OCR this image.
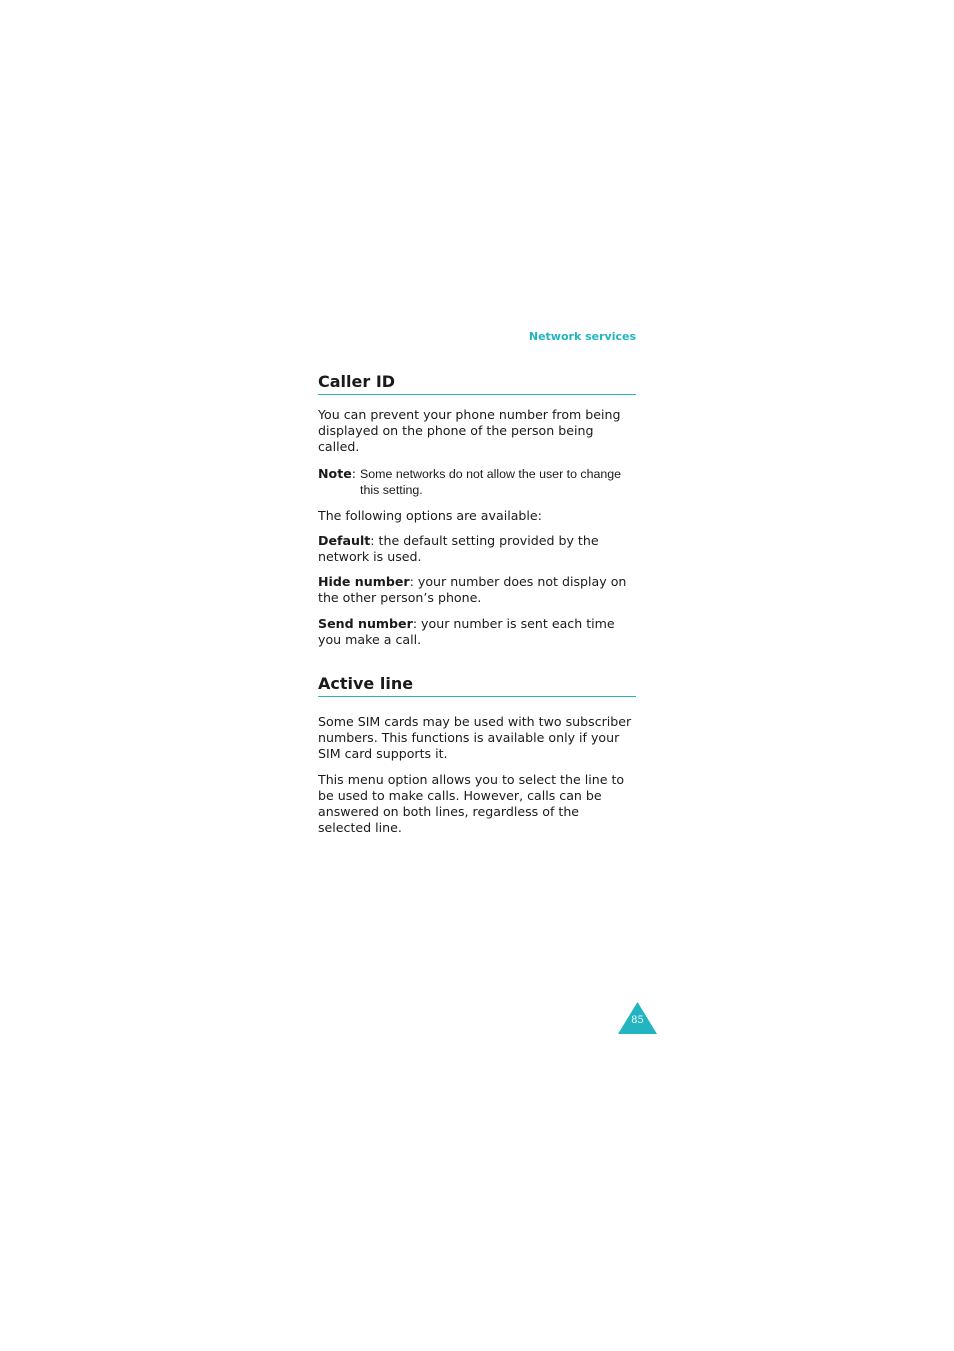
Network services
Caller ID

You can prevent your phone number from being displayed on the phone of the person being called.

Note : Some networks do not allow the user to change this setting.

The following options are available:

Default: the default setting provided by the network is used.

Hide number: your number does not display on the other person’s phone.

Send number: your number is sent each time you make a call.

Active line

Some SIM cards may be used with two subscriber numbers. This functions is available only if your SIM card supports it.

This menu option allows you to select the line to be used to make calls. However, calls can be answered on both lines, regardless of the selected line.

85
